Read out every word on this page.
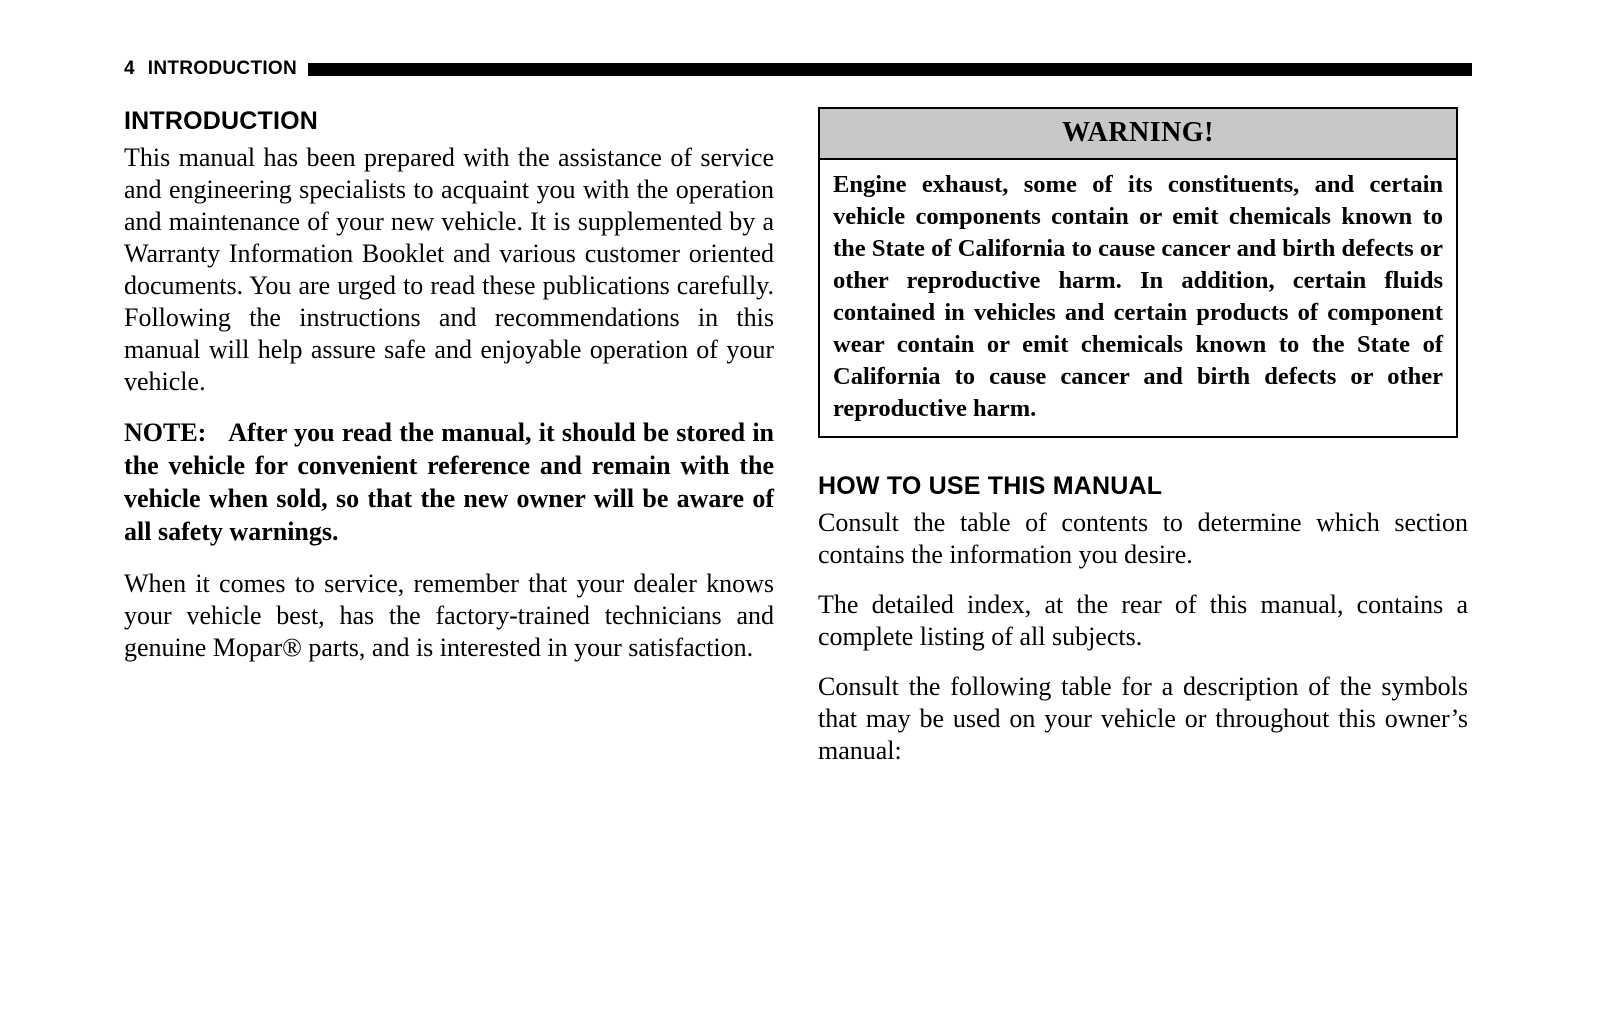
4 INTRODUCTION
INTRODUCTION

This manual has been prepared with the assistance of service and engineering specialists to acquaint you with the operation and maintenance of your new vehicle. It is supplemented by a Warranty Information Booklet and various customer oriented documents. You are urged to read these publications carefully. Following the instructions and recommendations in this manual will help assure safe and enjoyable operation of your vehicle.

NOTE: After you read the manual, it should be stored in the vehicle for convenient reference and remain with the vehicle when sold, so that the new owner will be aware of all safety warnings.

When it comes to service, remember that your dealer knows your vehicle best, has the factory-trained technicians and genuine Mopar® parts, and is interested in your satisfaction.

WARNING!
Engine exhaust, some of its constituents, and certain vehicle components contain or emit chemicals known to the State of California to cause cancer and birth defects or other reproductive harm. In addition, certain fluids contained in vehicles and certain products of component wear contain or emit chemicals known to the State of California to cause cancer and birth defects or other reproductive harm.
HOW TO USE THIS MANUAL

Consult the table of contents to determine which section contains the information you desire.

The detailed index, at the rear of this manual, contains a complete listing of all subjects.

Consult the following table for a description of the symbols that may be used on your vehicle or throughout this owner’s manual:
